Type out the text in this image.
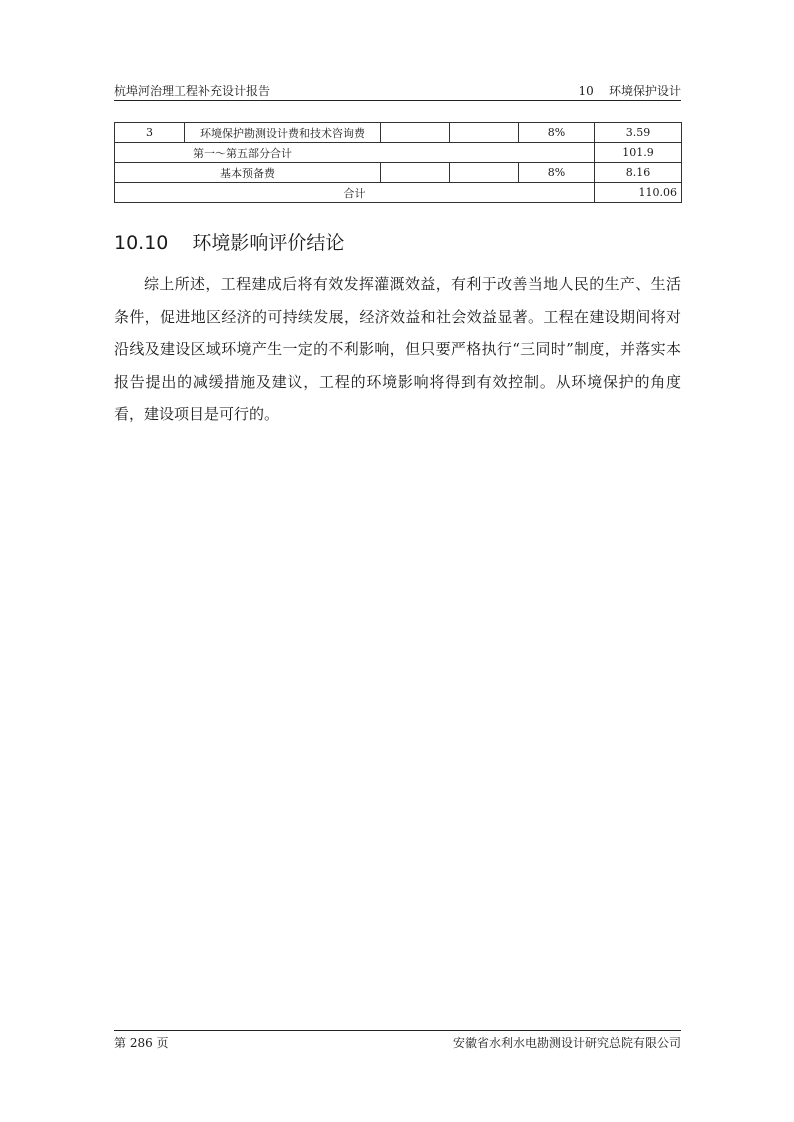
杭埠河治理工程补充设计报告	10    环境保护设计
3	环境保护勘测设计费和技术咨询费			8%	3.59
第一～第五部分合计					101.9
基本预备费				8%	8.16
合计					110.06
10.10 环境影响评价结论

综上所述，工程建成后将有效发挥灌溉效益，有利于改善当地人民的生产、生活条件，促进地区经济的可持续发展，经济效益和社会效益显著。工程在建设期间将对沿线及建设区域环境产生一定的不利影响，但只要严格执行“三同时”制度，并落实本报告提出的减缓措施及建议，工程的环境影响将得到有效控制。从环境保护的角度看，建设项目是可行的。

第 286 页	安徽省水利水电勘测设计研究总院有限公司
